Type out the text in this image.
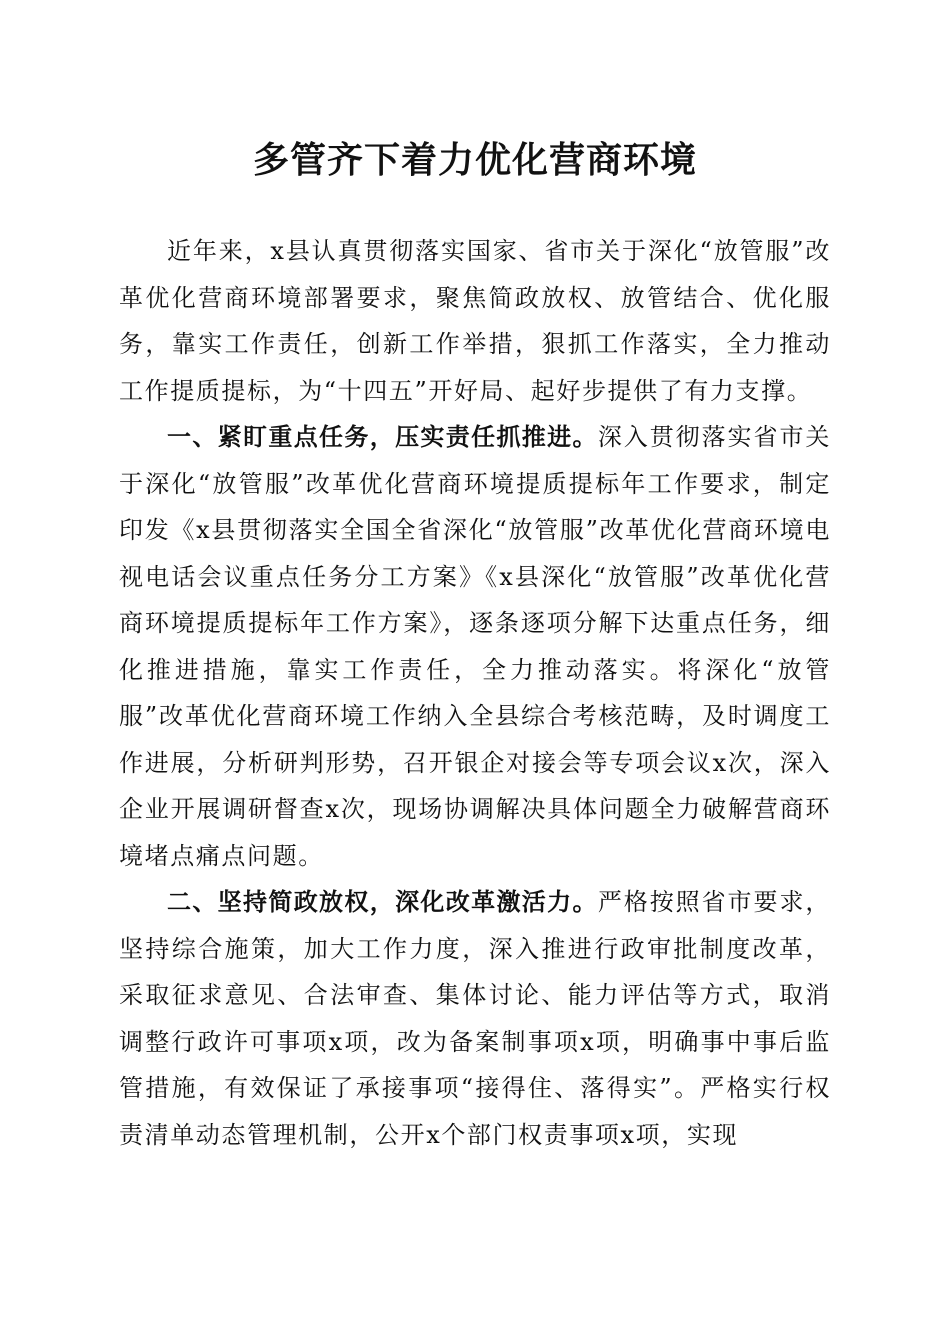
多管齐下着力优化营商环境

近年来，x县认真贯彻落实国家、省市关于深化“放管服”改革优化营商环境部署要求，聚焦简政放权、放管结合、优化服务，靠实工作责任，创新工作举措，狠抓工作落实，全力推动工作提质提标，为“十四五”开好局、起好步提供了有力支撑。

一、紧盯重点任务，压实责任抓推进。深入贯彻落实省市关于深化“放管服”改革优化营商环境提质提标年工作要求，制定印发《x县贯彻落实全国全省深化“放管服”改革优化营商环境电视电话会议重点任务分工方案》《x县深化“放管服”改革优化营商环境提质提标年工作方案》，逐条逐项分解下达重点任务，细化推进措施，靠实工作责任，全力推动落实。将深化“放管服”改革优化营商环境工作纳入全县综合考核范畴，及时调度工作进展，分析研判形势，召开银企对接会等专项会议x次，深入企业开展调研督查x次，现场协调解决具体问题全力破解营商环境堵点痛点问题。

二、坚持简政放权，深化改革激活力。严格按照省市要求，坚持综合施策，加大工作力度，深入推进行政审批制度改革，采取征求意见、合法审查、集体讨论、能力评估等方式，取消调整行政许可事项x项，改为备案制事项x项，明确事中事后监管措施，有效保证了承接事项“接得住、落得实”。严格实行权责清单动态管理机制，公开x个部门权责事项x项，实现
